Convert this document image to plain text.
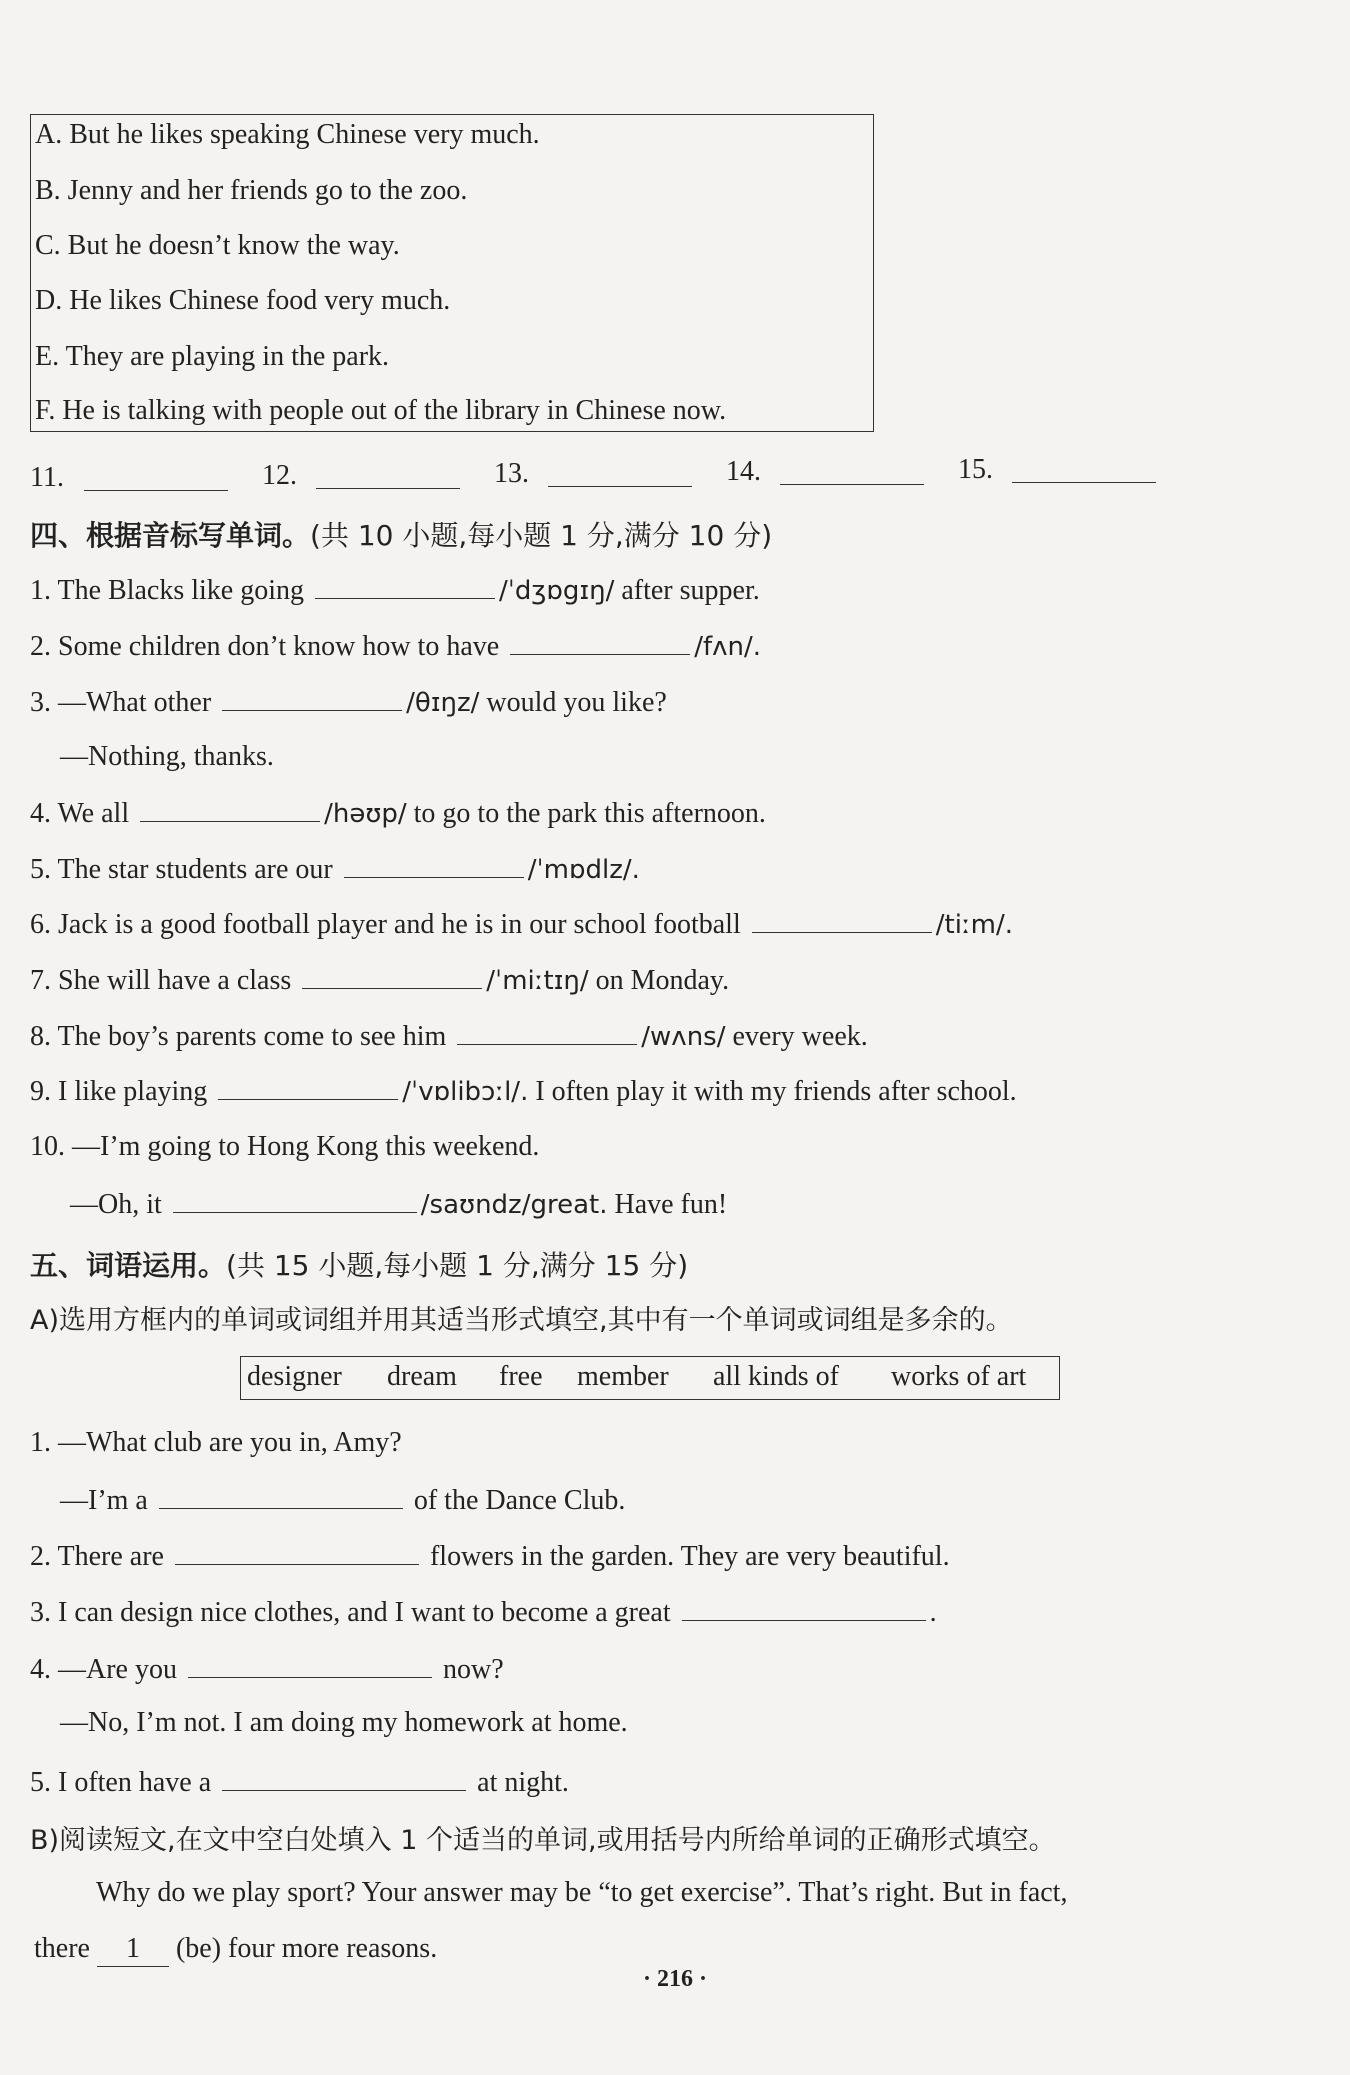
A. But he likes speaking Chinese very much.
B. Jenny and her friends go to the zoo.
C. But he doesn’t know the way.
D. He likes Chinese food very much.
E. They are playing in the park.
F. He is talking with people out of the library in Chinese now.
11.	12.	13.	14.	15.
四、根据音标写单词。(共 10 小题,每小题 1 分,满分 10 分)
1. The Blacks like going	/ˈdʒɒgɪŋ/ after supper.
2. Some children don’t know how to have	/fʌn/.
3. —What other	/θɪŋz/ would you like?
—Nothing, thanks.
4. We all	/həʊp/ to go to the park this afternoon.
5. The star students are our	/ˈmɒdlz/.
6. Jack is a good football player and he is in our school football	/tiːm/.
7. She will have a class	/ˈmiːtɪŋ/ on Monday.
8. The boy’s parents come to see him	/wʌns/ every week.
9. I like playing	/ˈvɒlibɔːl/. I often play it with my friends after school.
10. —I’m going to Hong Kong this weekend.
—Oh, it	/saʊndz/great. Have fun!
五、词语运用。(共 15 小题,每小题 1 分,满分 15 分)
A)选用方框内的单词或词组并用其适当形式填空,其中有一个单词或词组是多余的。
designer dream free member all kinds of works of art
1. —What club are you in, Amy?
—I’m a	of the Dance Club.
2. There are	flowers in the garden. They are very beautiful.
3. I can design nice clothes, and I want to become a great	.
4. —Are you	now?
—No, I’m not. I am doing my homework at home.
5. I often have a	at night.
B)阅读短文,在文中空白处填入 1 个适当的单词,或用括号内所给单词的正确形式填空。
Why do we play sport? Your answer may be “to get exercise”. That’s right. But in fact,
there 1 (be) four more reasons.
· 216 ·
